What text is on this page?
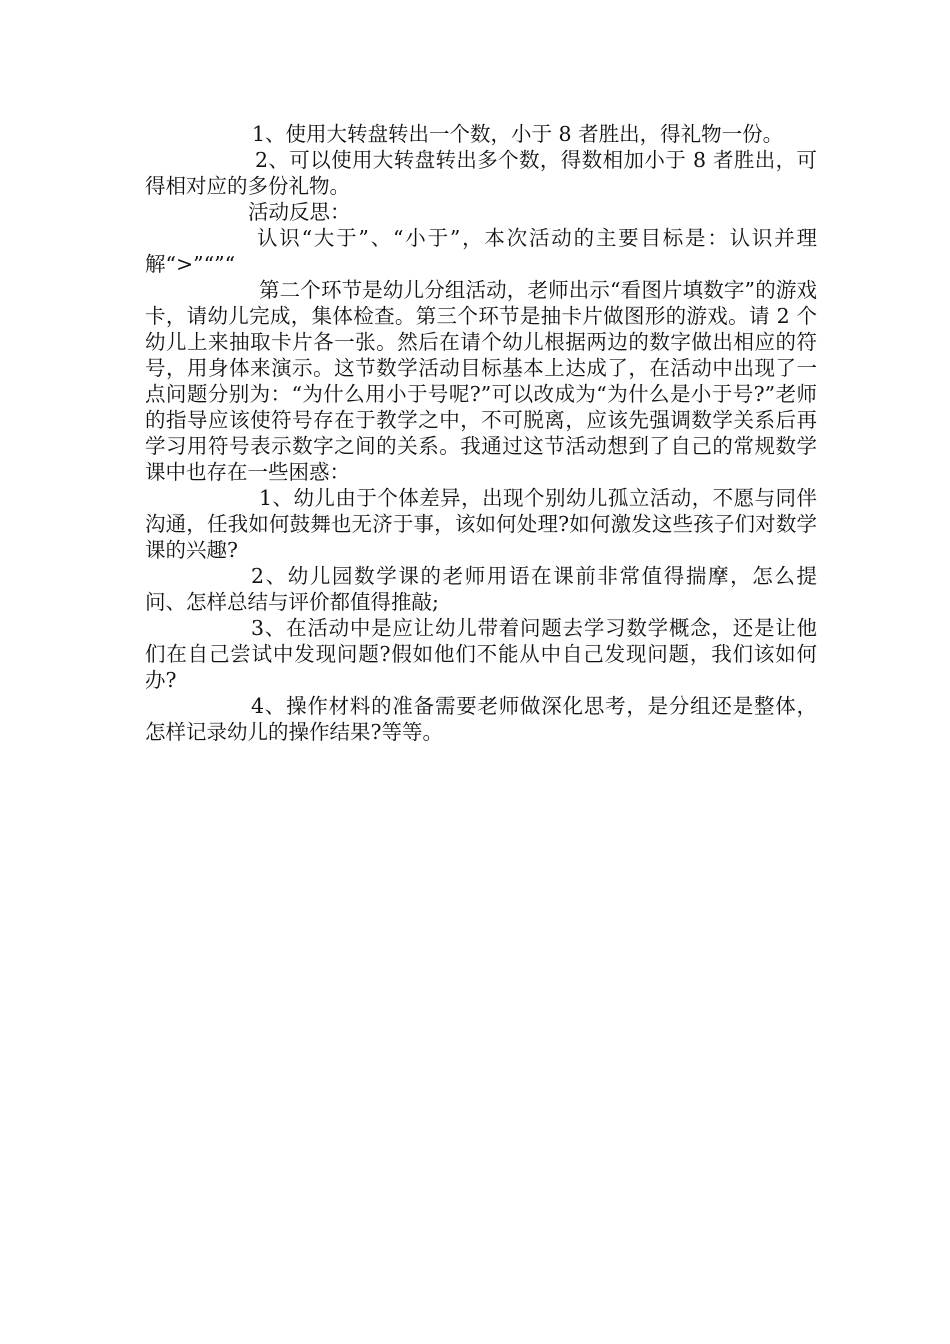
1、使用大转盘转出一个数，小于 8 者胜出，得礼物一份。

2、可以使用大转盘转出多个数，得数相加小于 8 者胜出，可得相对应的多份礼物。

活动反思：

认识“大于”、“小于”，本次活动的主要目标是：认识并理解“>”“”“

第二个环节是幼儿分组活动，老师出示“看图片填数字”的游戏卡，请幼儿完成，集体检查。第三个环节是抽卡片做图形的游戏。请 2 个幼儿上来抽取卡片各一张。然后在请个幼儿根据两边的数字做出相应的符号，用身体来演示。这节数学活动目标基本上达成了，在活动中出现了一点问题分别为：“为什么用小于号呢?”可以改成为“为什么是小于号?”老师的指导应该使符号存在于教学之中，不可脱离，应该先强调数学关系后再学习用符号表示数字之间的关系。我通过这节活动想到了自己的常规数学课中也存在一些困惑：

1、幼儿由于个体差异，出现个别幼儿孤立活动，不愿与同伴沟通，任我如何鼓舞也无济于事，该如何处理?如何激发这些孩子们对数学课的兴趣?

2、幼儿园数学课的老师用语在课前非常值得揣摩，怎么提问、怎样总结与评价都值得推敲;

3、在活动中是应让幼儿带着问题去学习数学概念，还是让他们在自己尝试中发现问题?假如他们不能从中自己发现问题，我们该如何办?

4、操作材料的准备需要老师做深化思考，是分组还是整体，怎样记录幼儿的操作结果?等等。
